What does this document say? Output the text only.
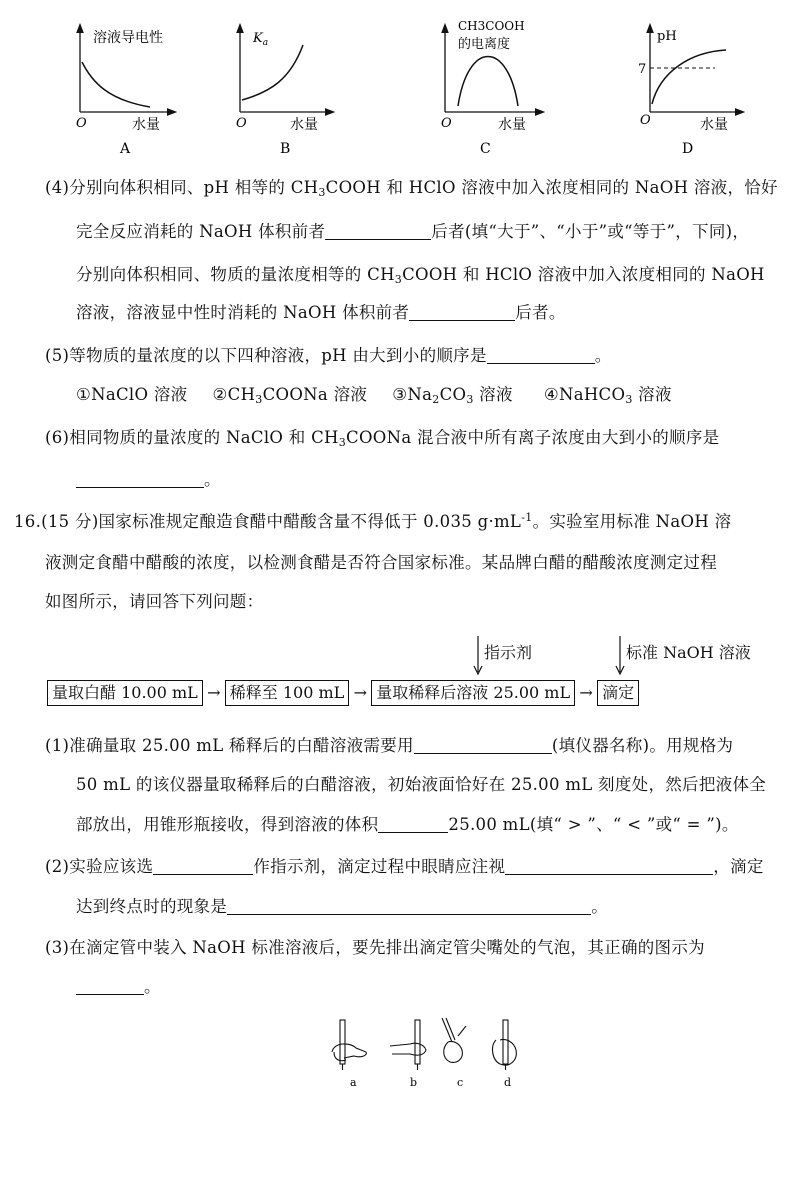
溶液导电性
O	水量
A
$K_a$
O	水量
B
CH3COOH
的电离度
O	水量
C
pH
7
O	水量
D
(4)分别向体积相同、pH 相等的 $CH_3COOH$ 和 HClO 溶液中加入浓度相同的 NaOH 溶液，恰好
完全反应消耗的 NaOH 体积前者	后者(填“大于”、“小于”或“等于”，下同)，
分别向体积相同、物质的量浓度相等的 $CH_3COOH$ 和 HClO 溶液中加入浓度相同的 NaOH
溶液，溶液显中性时消耗的 NaOH 体积前者	后者。
(5)等物质的量浓度的以下四种溶液，pH 由大到小的顺序是	。
①NaClO 溶液 $②CH_3COONa$ 溶液 $③Na_2CO_3$ 溶液 ④NaHCO$_3$ 溶液
(6)相同物质的量浓度的 NaClO 和 $CH_3COONa$ 混合液中所有离子浓度由大到小的顺序是
。
16.(15 分)国家标准规定酿造食醋中醋酸含量不得低于 0.035 $g\cdot mL^{-1}$。实验室用标准 NaOH 溶
液测定食醋中醋酸的浓度，以检测食醋是否符合国家标准。某品牌白醋的醋酸浓度测定过程
如图所示，请回答下列问题：
指示剂	标准 NaOH 溶液
量取白醋 10.00 mL → 稀释至 100 mL → 量取稀释后溶液 25.00 mL → 滴定
(1)准确量取 25.00 mL 稀释后的白醋溶液需要用	(填仪器名称)。用规格为
50 mL 的该仪器量取稀释后的白醋溶液，初始液面恰好在 25.00 mL 刻度处，然后把液体全
部放出，用锥形瓶接收，得到溶液的体积	25.00 mL(填“ > ”、“ < ”或“ = ”)。
(2)实验应该选	作指示剂，滴定过程中眼睛应注视	，滴定
达到终点时的现象是	。
(3)在滴定管中装入 NaOH 标准溶液后，要先排出滴定管尖嘴处的气泡，其正确的图示为
。
a	b	c	d
